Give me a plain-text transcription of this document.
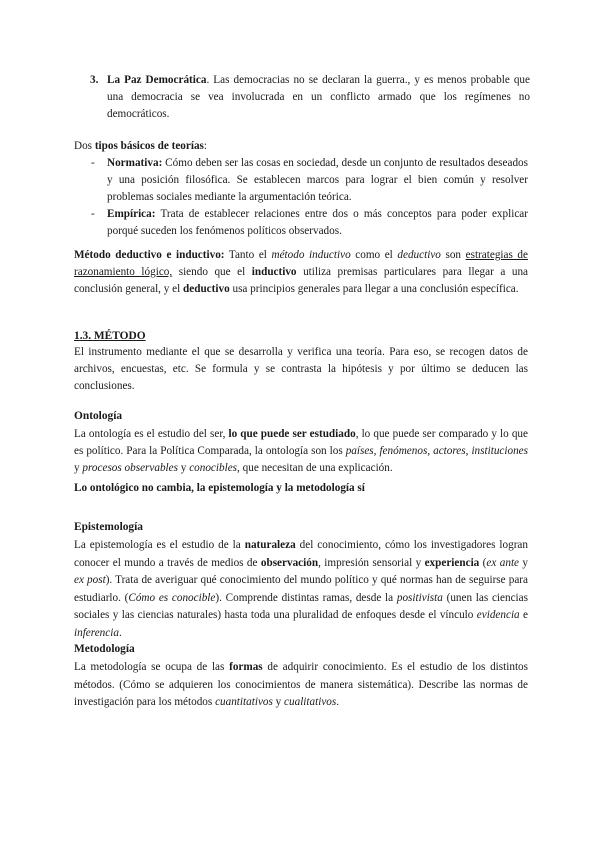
3. La Paz Democrática. Las democracias no se declaran la guerra., y es menos probable que una democracia se vea involucrada en un conflicto armado que los regímenes no democráticos.

Dos tipos básicos de teorías:

- Normativa: Cómo deben ser las cosas en sociedad, desde un conjunto de resultados deseados y una posición filosófica. Se establecen marcos para lograr el bien común y resolver problemas sociales mediante la argumentación teórica.

- Empírica: Trata de establecer relaciones entre dos o más conceptos para poder explicar porqué suceden los fenómenos políticos observados.

Método deductivo e inductivo: Tanto el método inductivo como el deductivo son estrategias de razonamiento lógico, siendo que el inductivo utiliza premisas particulares para llegar a una conclusión general, y el deductivo usa principios generales para llegar a una conclusión específica.

1.3. MÉTODO

El instrumento mediante el que se desarrolla y verifica una teoría. Para eso, se recogen datos de archivos, encuestas, etc. Se formula y se contrasta la hipótesis y por último se deducen las conclusiones.

Ontología

La ontología es el estudio del ser, lo que puede ser estudiado, lo que puede ser comparado y lo que es político. Para la Política Comparada, la ontología son los países, fenómenos, actores, instituciones y procesos observables y conocibles, que necesitan de una explicación.

Lo ontológico no cambia, la epistemología y la metodología sí

Epistemología

La epistemología es el estudio de la naturaleza del conocimiento, cómo los investigadores logran conocer el mundo a través de medios de observación, impresión sensorial y experiencia (ex ante y ex post). Trata de averiguar qué conocimiento del mundo político y qué normas han de seguirse para estudiarlo. (Cómo es conocible). Comprende distintas ramas, desde la positivista (unen las ciencias sociales y las ciencias naturales) hasta toda una pluralidad de enfoques desde el vínculo evidencia e inferencia.

Metodología

La metodología se ocupa de las formas de adquirir conocimiento. Es el estudio de los distintos métodos. (Cómo se adquieren los conocimientos de manera sistemática). Describe las normas de investigación para los métodos cuantitativos y cualitativos.
